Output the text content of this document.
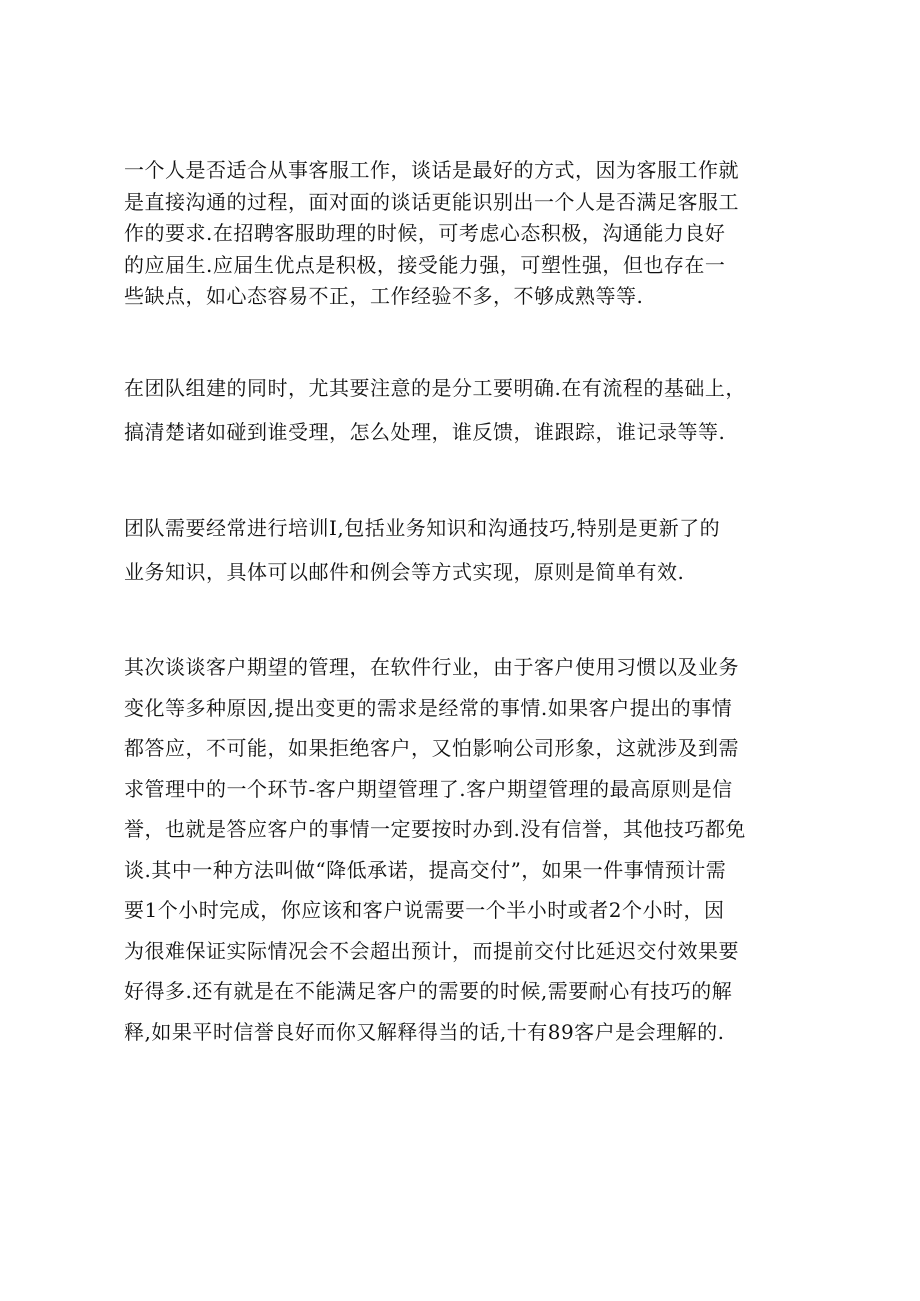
一个人是否适合从事客服工作，谈话是最好的方式，因为客服工作就
是直接沟通的过程，面对面的谈话更能识别出一个人是否满足客服工
作的要求.在招聘客服助理的时候，可考虑心态积极，沟通能力良好
的应届生.应届生优点是积极，接受能力强，可塑性强，但也存在一
些缺点，如心态容易不正，工作经验不多，不够成熟等等.
在团队组建的同时，尤其要注意的是分工要明确.在有流程的基础上，
搞清楚诸如碰到谁受理，怎么处理，谁反馈，谁跟踪，谁记录等等.
团队需要经常进行培训I,包括业务知识和沟通技巧,特别是更新了的
业务知识，具体可以邮件和例会等方式实现，原则是简单有效.
其次谈谈客户期望的管理，在软件行业，由于客户使用习惯以及业务
变化等多种原因,提出变更的需求是经常的事情.如果客户提出的事情
都答应，不可能，如果拒绝客户，又怕影响公司形象，这就涉及到需
求管理中的一个环节-客户期望管理了.客户期望管理的最高原则是信
誉，也就是答应客户的事情一定要按时办到.没有信誉，其他技巧都免
谈.其中一种方法叫做“降低承诺，提高交付”，如果一件事情预计需
要1个小时完成，你应该和客户说需要一个半小时或者2个小时，因
为很难保证实际情况会不会超出预计，而提前交付比延迟交付效果要
好得多.还有就是在不能满足客户的需要的时候,需要耐心有技巧的解
释,如果平时信誉良好而你又解释得当的话,十有89客户是会理解的.
